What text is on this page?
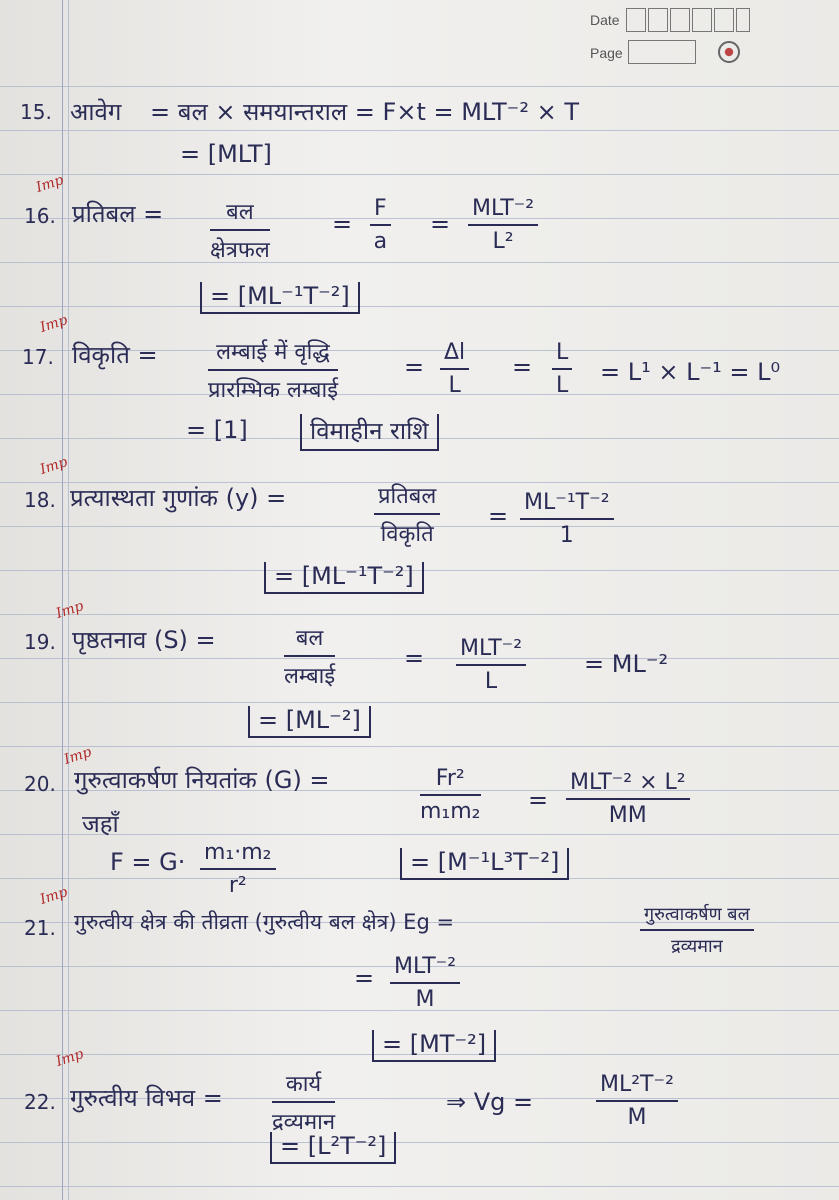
Date
Page
15. आवेग = बल × समयान्तराल = F×t = MLT⁻² × T
= [MLT]
Imp
16. प्रतिबल =	बल
क्षेत्रफल
= $\frac{F}{a}$ =
MLT⁻²
L²
= [ML⁻¹T⁻²]
Imp
17. विकृति =	लम्बाई में वृद्धि
प्रारम्भिक लम्बाई
= $\frac{\Delta l}{L} = \frac{L}{L} = L^1 \times L^{-1} = L^0$
= [1]	विमाहीन राशि
Imp
18. प्रत्यास्थता गुणांक (y) =	प्रतिबल
विकृति
= $\frac{\text{ML⁻¹T⁻²}}{1}$
= [ML⁻¹T⁻²]
Imp
19. पृष्ठतनाव (S) =	बल
लम्बाई
= MLT⁻²
L
= ML⁻²
= [ML⁻²]
Imp
20. गुरुत्वाकर्षण नियतांक (G) =	$\frac{\text{Fr²}}{\text{m₁m₂}}$ =
MLT⁻² × L²
MM
जहाँ
$F = G\cdot \frac{\text{m₁·m₂}}{\text{r²}}$	= [M⁻¹L³T⁻²]
Imp
21. गुरुत्वीय क्षेत्र की तीव्रता (गुरुत्वीय बल क्षेत्र) Eg =	गुरुत्वाकर्षण बल
द्रव्यमान
= MLT⁻²
M
= [MT⁻²]
Imp
22. गुरुत्वीय विभव =	कार्य
द्रव्यमान
⇒ Vg =	$\frac{\text{ML²T⁻²}}{M}$
= [L²T⁻²]
